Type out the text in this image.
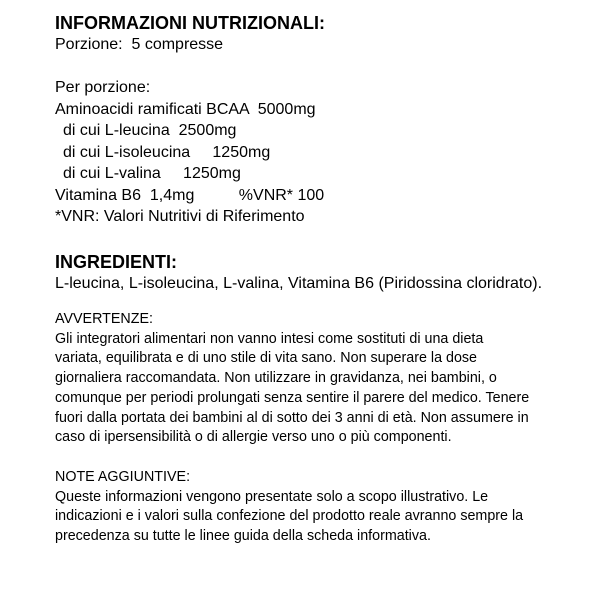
INFORMAZIONI NUTRIZIONALI:

Porzione:  5 compresse

Per porzione:

Aminoacidi ramificati BCAA  5000mg

di cui L-leucina  2500mg

di cui L-isoleucina     1250mg

di cui L-valina     1250mg

Vitamina B6  1,4mg          %VNR* 100

*VNR: Valori Nutritivi di Riferimento

INGREDIENTI:

L-leucina, L-isoleucina, L-valina, Vitamina B6 (Piridossina cloridrato).

AVVERTENZE:

Gli integratori alimentari non vanno intesi come sostituti di una dieta variata, equilibrata e di uno stile di vita sano. Non superare la dose giornaliera raccomandata. Non utilizzare in gravidanza, nei bambini, o comunque per periodi prolungati senza sentire il parere del medico. Tenere fuori dalla portata dei bambini al di sotto dei 3 anni di età. Non assumere in caso di ipersensibilità o di allergie verso uno o più componenti.

NOTE AGGIUNTIVE:

Queste informazioni vengono presentate solo a scopo illustrativo. Le indicazioni e i valori sulla confezione del prodotto reale avranno sempre la precedenza su tutte le linee guida della scheda informativa.
